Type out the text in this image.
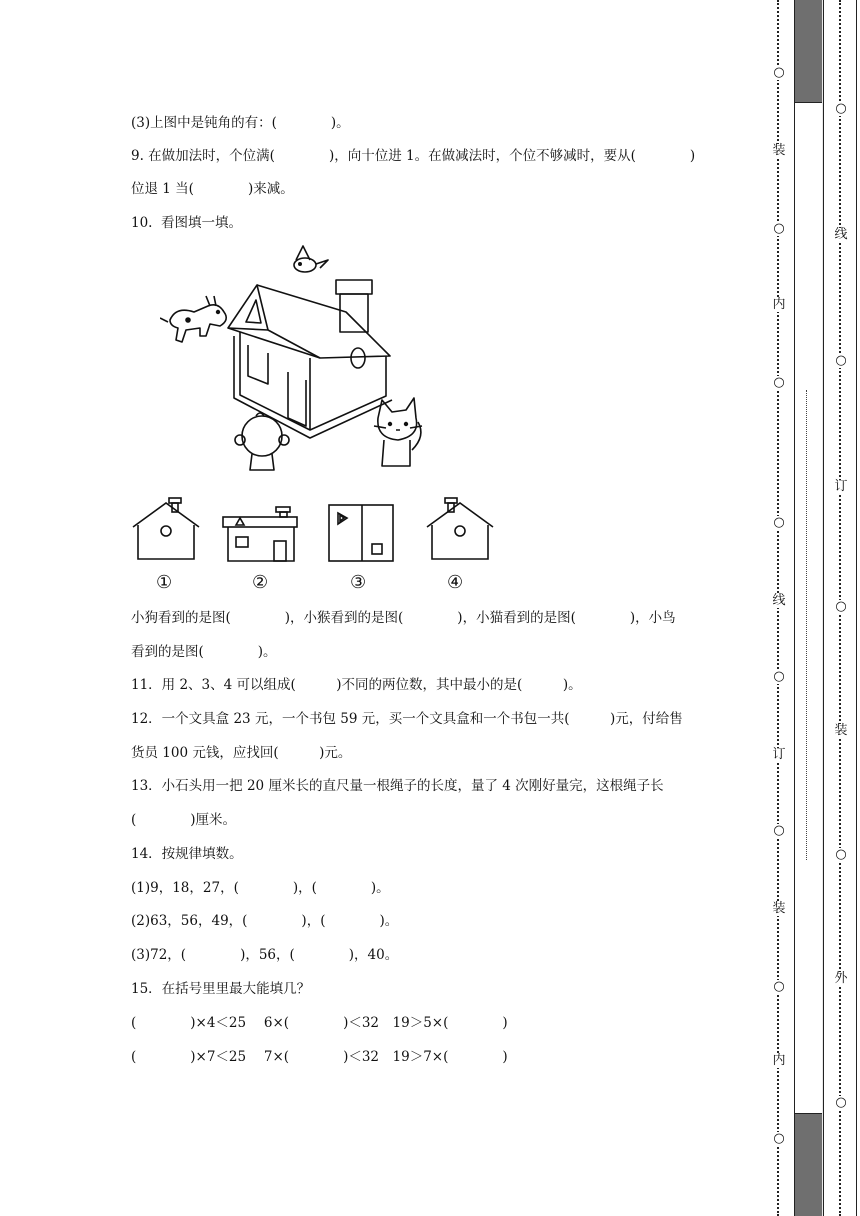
(3)上图中是钝角的有：(　　　　)。
9. 在做加法时，个位满(　　　　)，向十位进 1。在做减法时，个位不够减时，要从(　　　　)
位退 1 当(　　　　)来减。
10.  看图填一填。
①	②	③	④
小狗看到的是图(　　　　)，小猴看到的是图(　　　　)，小猫看到的是图(　　　　)，小鸟
看到的是图(　　　　)。
11．用 2、3、4 可以组成(　　　)不同的两位数，其中最小的是(　　　)。
12．一个文具盒 23 元，一个书包 59 元，买一个文具盒和一个书包一共(　　　)元，付给售
货员 100 元钱，应找回(　　　)元。
13．小石头用一把 20 厘米长的直尺量一根绳子的长度，量了 4 次刚好量完，这根绳子长
(　　　　)厘米。
14．按规律填数。
(1)9，18，27，(　　　　)，(　　　　)。
(2)63，56，49，(　　　　)，(　　　　)。
(3)72，(　　　　)，56，(　　　　)，40。
15．在括号里里最大能填几？
(　　　　)×4＜25　 6×(　　　　)＜32　19＞5×(　　　　)
(　　　　)×7＜25　 7×(　　　　)＜32　19＞7×(　　　　)
○
装
○
内
○
○
线
○
订
○
装
○
内
○
○
线
○
订
○
装
○
外
○
